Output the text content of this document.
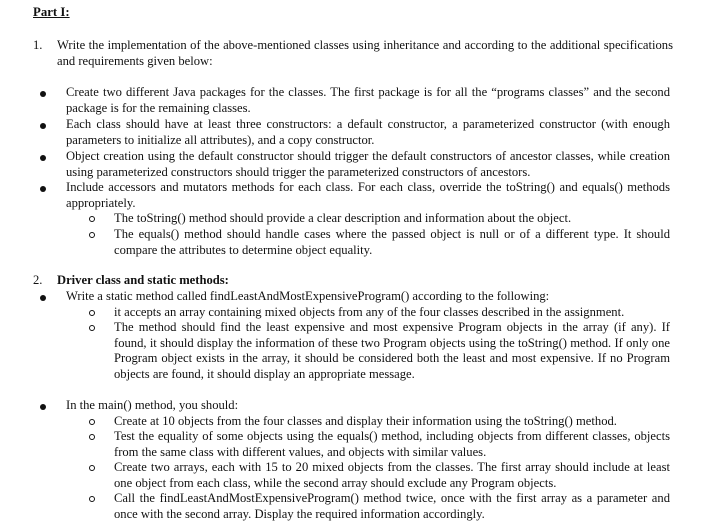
Part I:
1. Write the implementation of the above-mentioned classes using inheritance and according to the additional specifications and requirements given below:
Create two different Java packages for the classes. The first package is for all the “programs classes” and the second package is for the remaining classes.
Each class should have at least three constructors: a default constructor, a parameterized constructor (with enough parameters to initialize all attributes), and a copy constructor.
Object creation using the default constructor should trigger the default constructors of ancestor classes, while creation using parameterized constructors should trigger the parameterized constructors of ancestors.
Include accessors and mutators methods for each class. For each class, override the toString() and equals() methods appropriately.
The toString() method should provide a clear description and information about the object.
The equals() method should handle cases where the passed object is null or of a different type. It should compare the attributes to determine object equality.
2. Driver class and static methods:
Write a static method called findLeastAndMostExpensiveProgram() according to the following:
it accepts an array containing mixed objects from any of the four classes described in the assignment.
The method should find the least expensive and most expensive Program objects in the array (if any). If found, it should display the information of these two Program objects using the toString() method. If only one Program object exists in the array, it should be considered both the least and most expensive. If no Program objects are found, it should display an appropriate message.
In the main() method, you should:
Create at 10 objects from the four classes and display their information using the toString() method.
Test the equality of some objects using the equals() method, including objects from different classes, objects from the same class with different values, and objects with similar values.
Create two arrays, each with 15 to 20 mixed objects from the classes. The first array should include at least one object from each class, while the second array should exclude any Program objects.
Call the findLeastAndMostExpensiveProgram() method twice, once with the first array as a parameter and once with the second array. Display the required information accordingly.
